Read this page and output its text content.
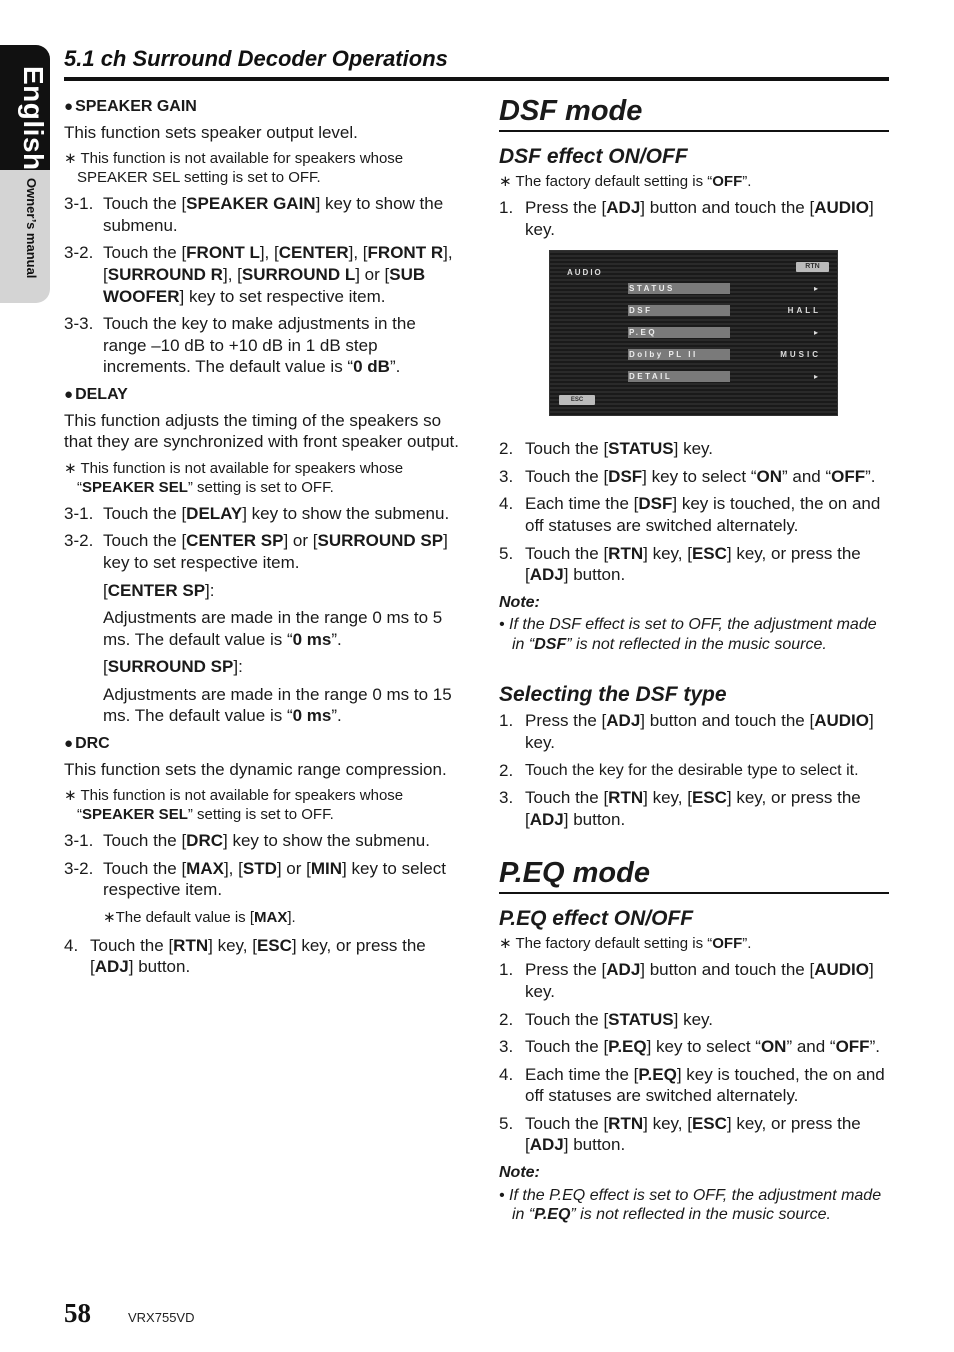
English
Owner’s manual
5.1 ch Surround Decoder Operations
● SPEAKER GAIN

This function sets speaker output level.

∗ This function is not available for speakers whose SPEAKER SEL setting is set to OFF.
3-1. Touch the [SPEAKER GAIN] key to show the submenu.
3-2. Touch the [FRONT L], [CENTER], [FRONT R], [SURROUND R], [SURROUND L] or [SUB WOOFER] key to set respective item.
3-3. Touch the key to make adjustments in the range –10 dB to +10 dB in 1 dB step increments. The default value is “0 dB”.
● DELAY

This function adjusts the timing of the speakers so that they are synchronized with front speaker output.

∗ This function is not available for speakers whose “SPEAKER SEL” setting is set to OFF.
3-1. Touch the [DELAY] key to show the submenu.
3-2. Touch the [CENTER SP] or [SURROUND SP] key to set respective item.
[CENTER SP]:
Adjustments are made in the range 0 ms to 5 ms. The default value is “0 ms”.
[SURROUND SP]:
Adjustments are made in the range 0 ms to 15 ms. The default value is “0 ms”.
● DRC

This function sets the dynamic range compression.

∗ This function is not available for speakers whose “SPEAKER SEL” setting is set to OFF.
3-1. Touch the [DRC] key to show the submenu.
3-2. Touch the [MAX], [STD] or [MIN] key to select respective item.
∗The default value is [MAX].
4. Touch the [RTN] key, [ESC] key, or press the [ADJ] button.
DSF mode
DSF effect ON/OFF
∗ The factory default setting is “OFF”.
1. Press the [ADJ] button and touch the [AUDIO] key.
AUDIO
RTN
STATUS	▸
DSF	HALL
P.EQ	▸
Dolby PL II	MUSIC
DETAIL	▸
ESC
2. Touch the [STATUS] key.
3. Touch the [DSF] key to select “ON” and “OFF”.
4. Each time the [DSF] key is touched, the on and off statuses are switched alternately.
5. Touch the [RTN] key, [ESC] key, or press the [ADJ] button.
Note:
• If the DSF effect is set to OFF, the adjustment made in “DSF” is not reflected in the music source.
Selecting the DSF type
1. Press the [ADJ] button and touch the [AUDIO] key.
2. Touch the key for the desirable type to select it.
3. Touch the [RTN] key, [ESC] key, or press the [ADJ] button.
P.EQ mode
P.EQ effect ON/OFF
∗ The factory default setting is “OFF”.
1. Press the [ADJ] button and touch the [AUDIO] key.
2. Touch the [STATUS] key.
3. Touch the [P.EQ] key to select “ON” and “OFF”.
4. Each time the [P.EQ] key is touched, the on and off statuses are switched alternately.
5. Touch the [RTN] key, [ESC] key, or press the [ADJ] button.
Note:
• If the P.EQ effect is set to OFF, the adjustment made in “P.EQ” is not reflected in the music source.
58	VRX755VD
